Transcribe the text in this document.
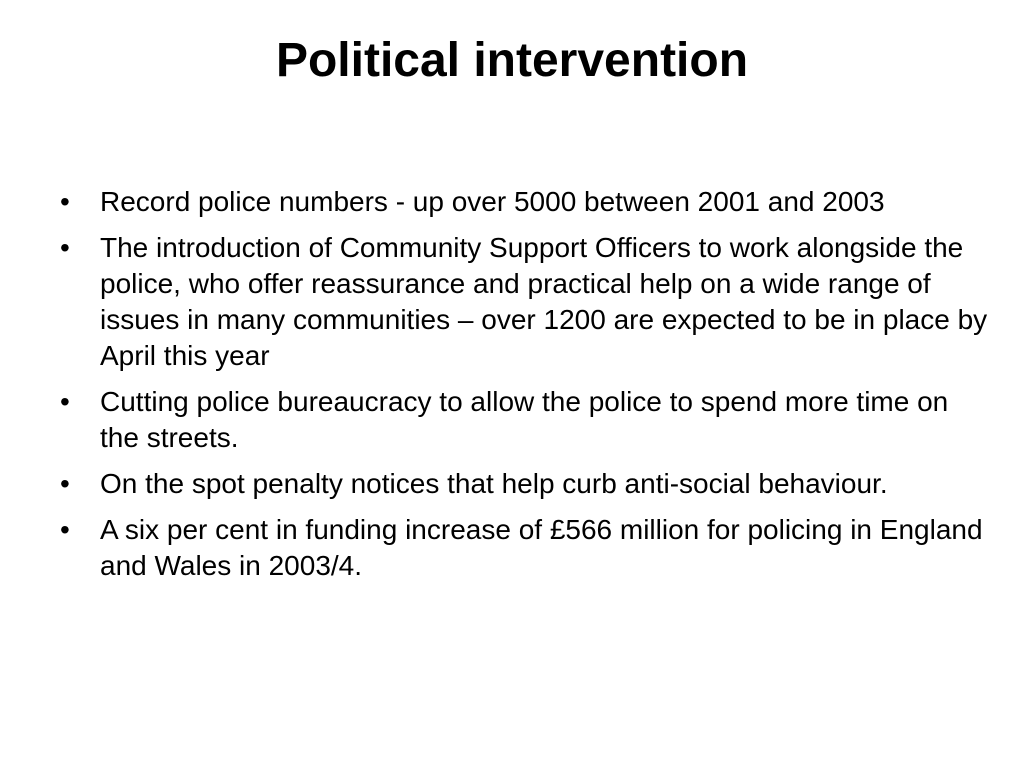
Political intervention
•	Record police numbers - up over 5000 between 2001 and 2003
•	The introduction of Community Support Officers to work alongside the police, who offer reassurance and practical help on a wide range of issues in many communities – over 1200 are expected to be in place by April this year
•	Cutting police bureaucracy to allow the police to spend more time on the streets.
•	On the spot penalty notices that help curb anti-social behaviour.
•	A six per cent in funding increase of £566 million for policing in England and Wales in 2003/4.
